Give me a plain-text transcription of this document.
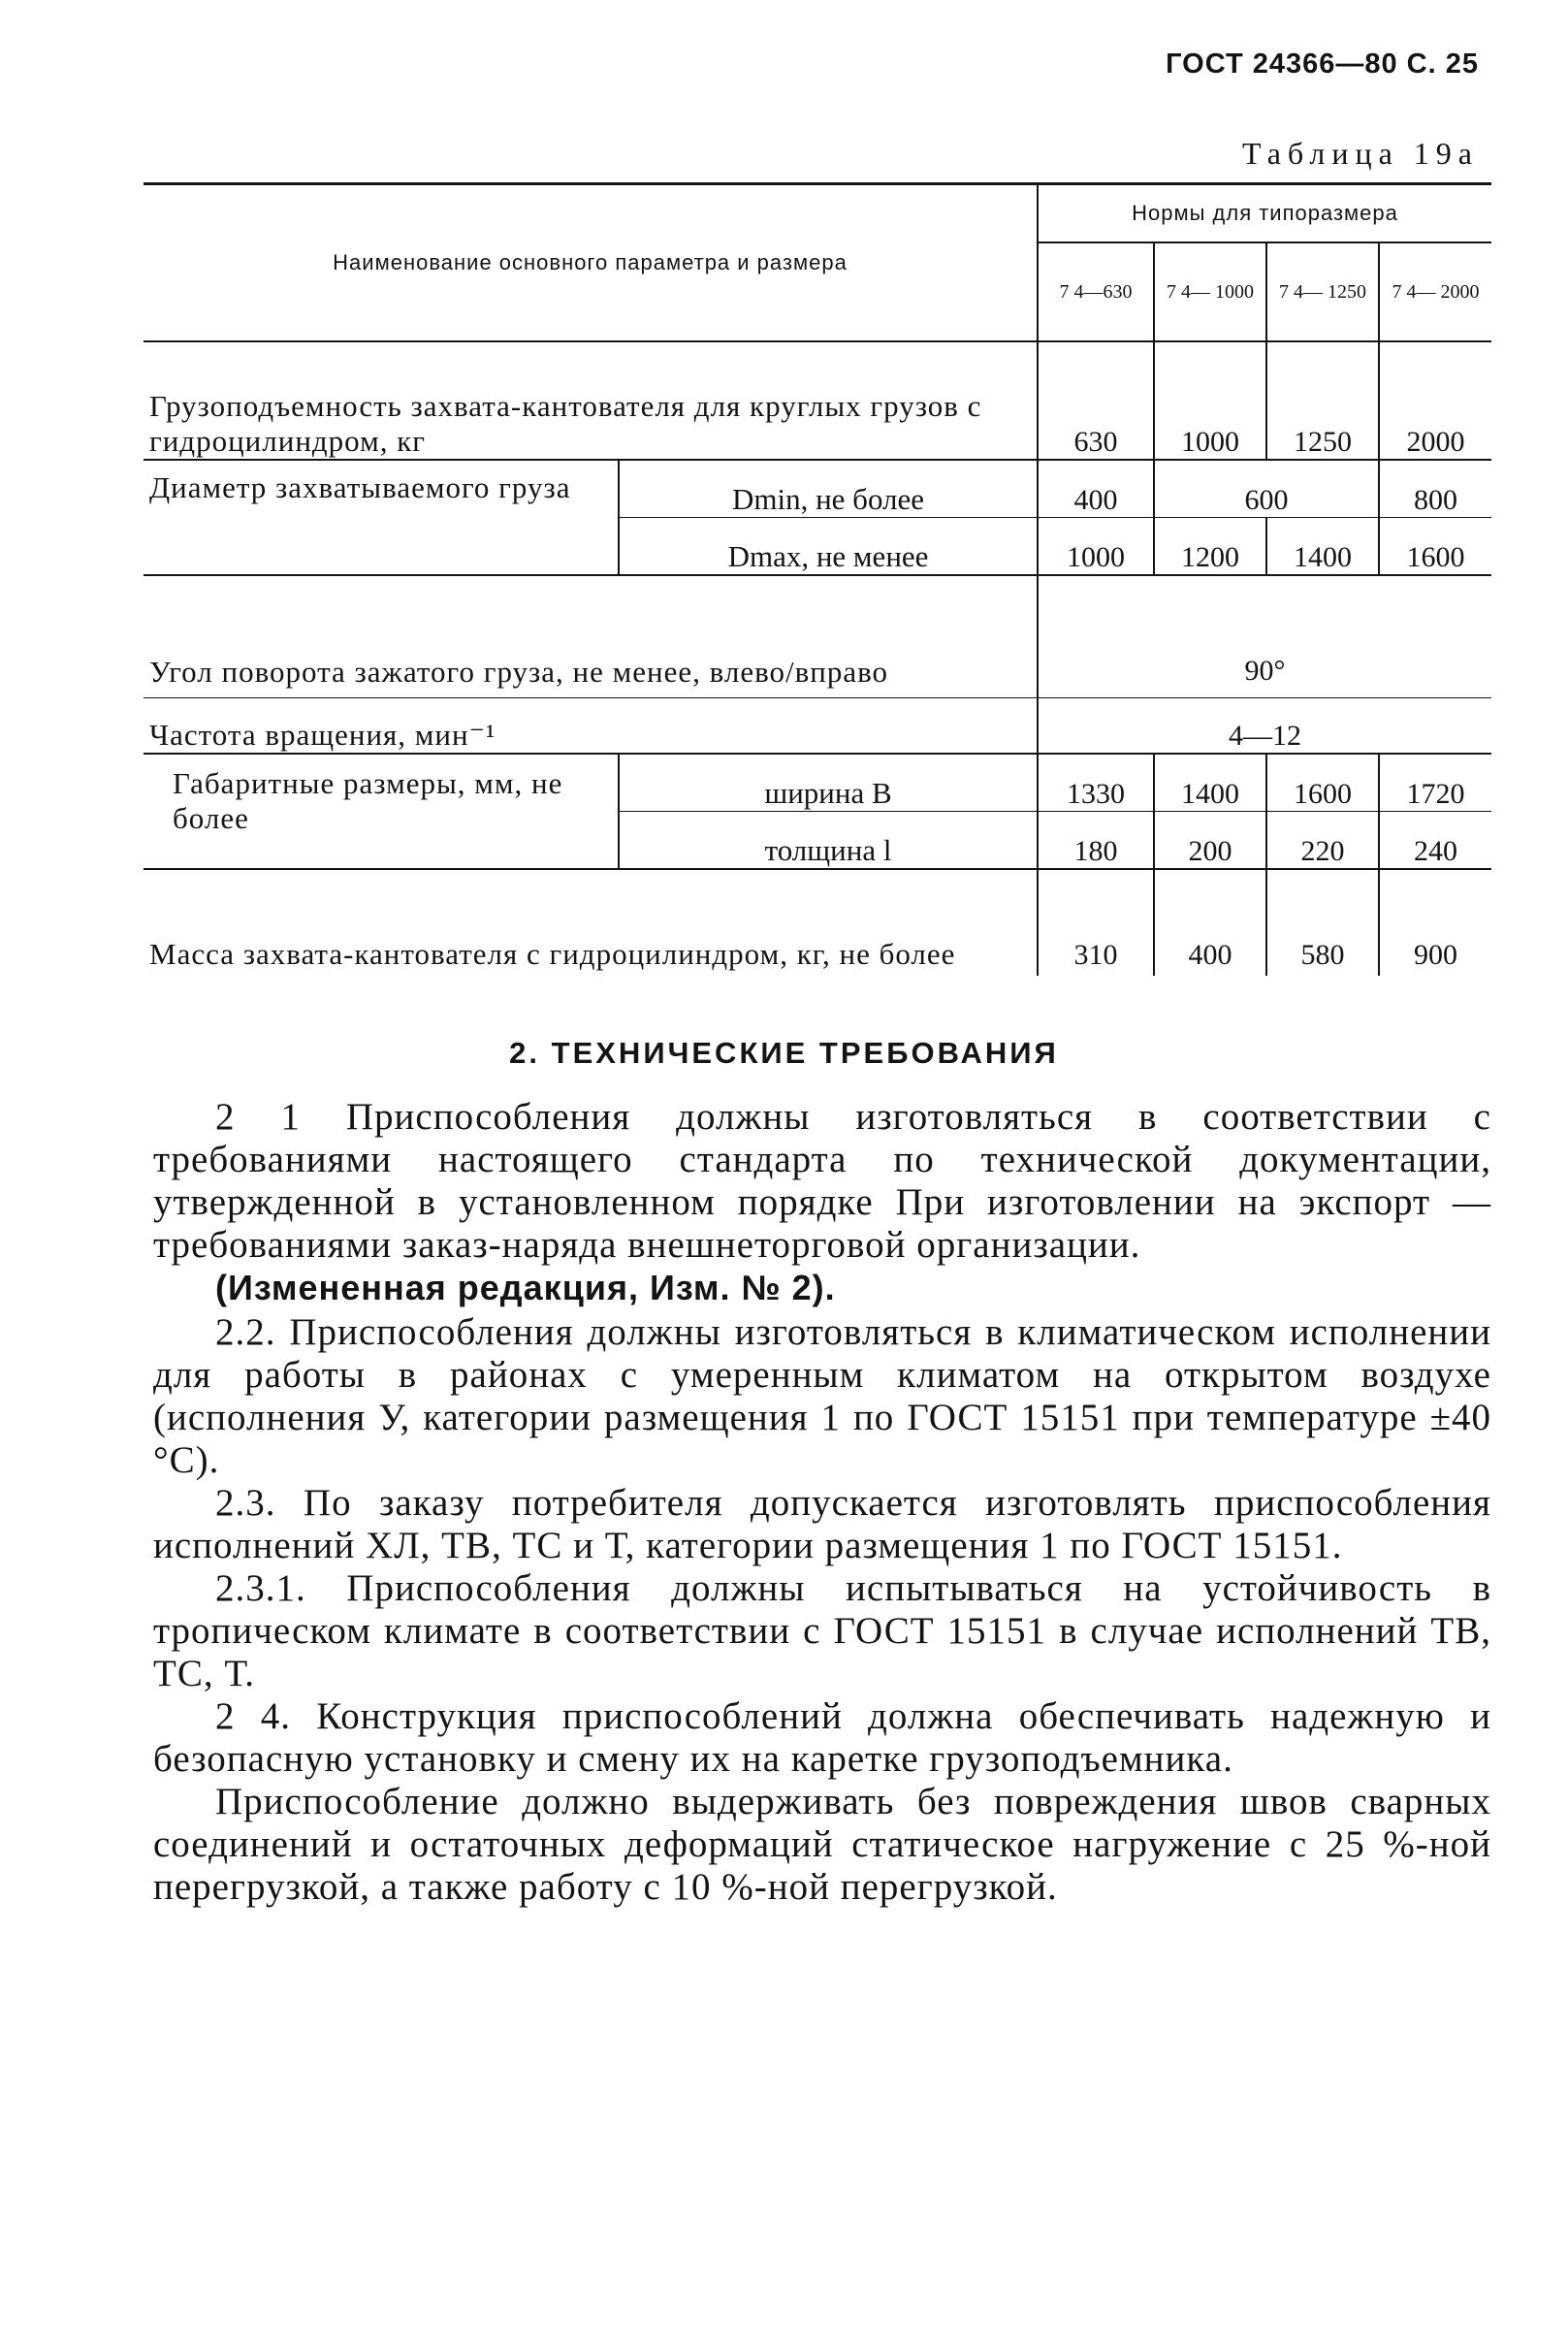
ГОСТ 24366—80 С. 25
Таблица 19а
Наименование основного параметра и размера		Нормы для типоразмера			
		7 4—630	7 4— 1000	7 4— 1250	7 4— 2000
Грузоподъемность захвата-кантователя для круглых грузов с гидроцилиндром, кг		630	1000	1250	2000
Диаметр захватываемого груза	Dmin, не более	400	600		800
	Dmax, не менее	1000	1200	1400	1600
Угол поворота зажатого груза, не менее, влево/вправо		90°			
Частота вращения, мин⁻¹		4—12			
Габаритные размеры, мм, не более	ширина B	1330	1400	1600	1720
	толщина l	180	200	220	240
Масса захвата-кантователя с гидроцилиндром, кг, не более		310	400	580	900
2. ТЕХНИЧЕСКИЕ ТРЕБОВАНИЯ

2 1 Приспособления должны изготовляться в соответствии с требованиями настоящего стандарта по технической документации, утвержденной в установленном порядке При изготовлении на экспорт — требованиями заказ-наряда внешнеторговой организации.

(Измененная редакция, Изм. № 2).

2.2. Приспособления должны изготовляться в климатическом исполнении для работы в районах с умеренным климатом на открытом воздухе (исполнения У, категории размещения 1 по ГОСТ 15151 при температуре ±40 °С).

2.3. По заказу потребителя допускается изготовлять приспособления исполнений ХЛ, ТВ, ТС и Т, категории размещения 1 по ГОСТ 15151.

2.3.1. Приспособления должны испытываться на устойчивость в тропическом климате в соответствии с ГОСТ 15151 в случае исполнений ТВ, ТС, Т.

2 4. Конструкция приспособлений должна обеспечивать надежную и безопасную установку и смену их на каретке грузоподъемника.

Приспособление должно выдерживать без повреждения швов сварных соединений и остаточных деформаций статическое нагружение с 25 %-ной перегрузкой, а также работу с 10 %-ной перегрузкой.
